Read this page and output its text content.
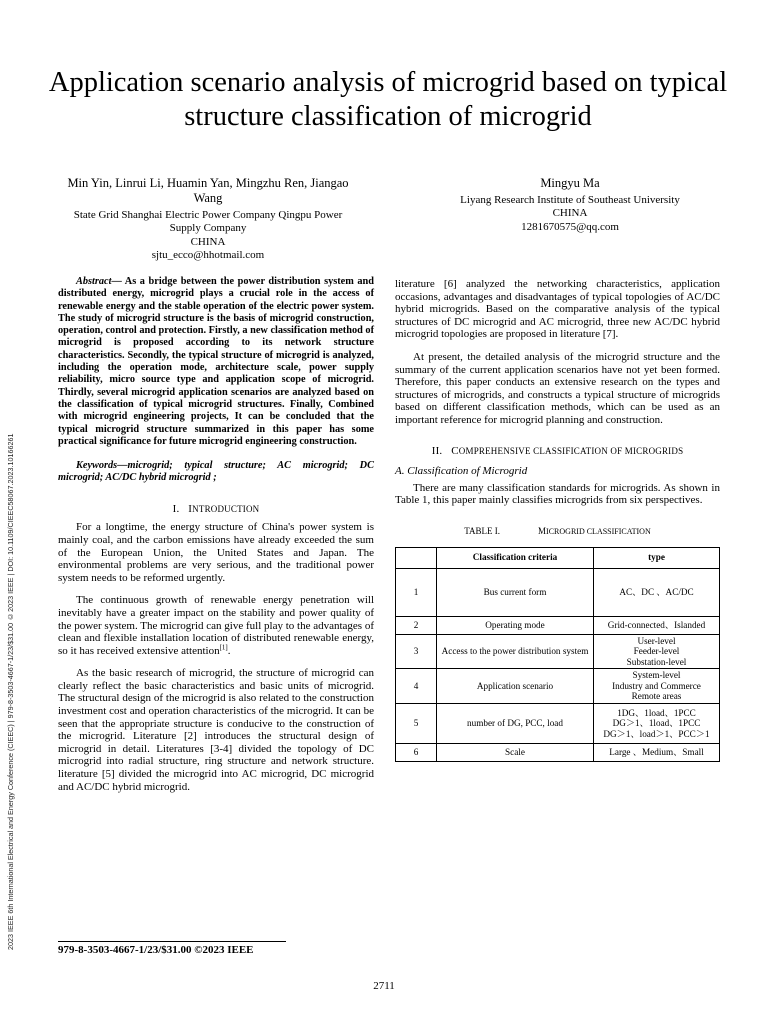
2023 IEEE 6th International Electrical and Energy Conference (CIEEC) | 979-8-3503-4667-1/23/$31.00 ©2023 IEEE | DOI: 10.1109/CIEEC58067.2023.10166261
Application scenario analysis of microgrid based on typical structure classification of microgrid
Min Yin, Linrui Li, Huamin Yan, Mingzhu Ren, Jiangao Wang
State Grid Shanghai Electric Power Company Qingpu Power Supply Company
CHINA
sjtu_ecco@hhotmail.com
Mingyu Ma
Liyang Research Institute of Southeast University
CHINA
1281670575@qq.com

Abstract— As a bridge between the power distribution system and distributed energy, microgrid plays a crucial role in the access of renewable energy and the stable operation of the electric power system. The study of microgrid structure is the basis of microgrid construction, operation, control and protection. Firstly, a new classification method of microgrid is proposed according to its network structure characteristics. Secondly, the typical structure of microgrid is analyzed, including the operation mode, architecture scale, power supply reliability, micro source type and application scope of microgrid. Thirdly, several microgrid application scenarios are analyzed based on the classification of typical microgrid structures. Finally, Combined with microgrid engineering projects, It can be concluded that the typical microgrid structure summarized in this paper has some practical significance for future microgrid engineering construction.

Keywords—microgrid; typical structure; AC microgrid; DC microgrid; AC/DC hybrid microgrid ;

I. INTRODUCTION

For a longtime, the energy structure of China's power system is mainly coal, and the carbon emissions have already exceeded the sum of the European Union, the United States and Japan. The environmental problems are very serious, and the traditional power system needs to be reformed urgently.

The continuous growth of renewable energy penetration will inevitably have a greater impact on the stability and power quality of the power system. The microgrid can give full play to the advantages of clean and flexible installation location of distributed renewable energy, so it has received extensive attention[1].

As the basic research of microgrid, the structure of microgrid can clearly reflect the basic characteristics and basic units of microgrid. The structural design of the microgrid is also related to the construction investment cost and operation characteristics of the microgrid. It can be seen that the appropriate structure is conducive to the construction of the microgrid. Literature [2] introduces the structural design of microgrid in detail. Literatures [3-4] divided the topology of DC microgrid into radial structure, ring structure and network structure. literature [5] divided the microgrid into AC microgrid, DC microgrid and AC/DC hybrid microgrid.

literature [6] analyzed the networking characteristics, application occasions, advantages and disadvantages of typical topologies of AC/DC hybrid microgrids. Based on the comparative analysis of the typical structures of DC microgrid and AC microgrid, three new AC/DC hybrid microgrid topologies are proposed in literature [7].

At present, the detailed analysis of the microgrid structure and the summary of the current application scenarios have not yet been formed. Therefore, this paper conducts an extensive research on the types and structures of microgrids, and constructs a typical structure of microgrids based on different classification methods, which can be used as an important reference for microgrid planning and construction.

II. COMPREHENSIVE CLASSIFICATION OF MICROGRIDS
A. Classification of Microgrid

There are many classification standards for microgrids. As shown in Table 1, this paper mainly classifies microgrids from six perspectives.

TABLE I.	MICROGRID CLASSIFICATION
	Classification criteria	type
1	Bus current form	AC、DC 、AC/DC

2	Operating mode	Grid-connected、Islanded

3	Access to the power distribution system	User-level
Feeder-level
Substation-level

4	Application scenario	System-level
Industry and Commerce
Remote areas

5	number of DG, PCC, load	1DG、1load、1PCC
DG＞1、1load、1PCC
DG＞1、load＞1、PCC＞1

6	Scale	Large 、Medium、Small
979-8-3503-4667-1/23/$31.00 ©2023 IEEE
2711
